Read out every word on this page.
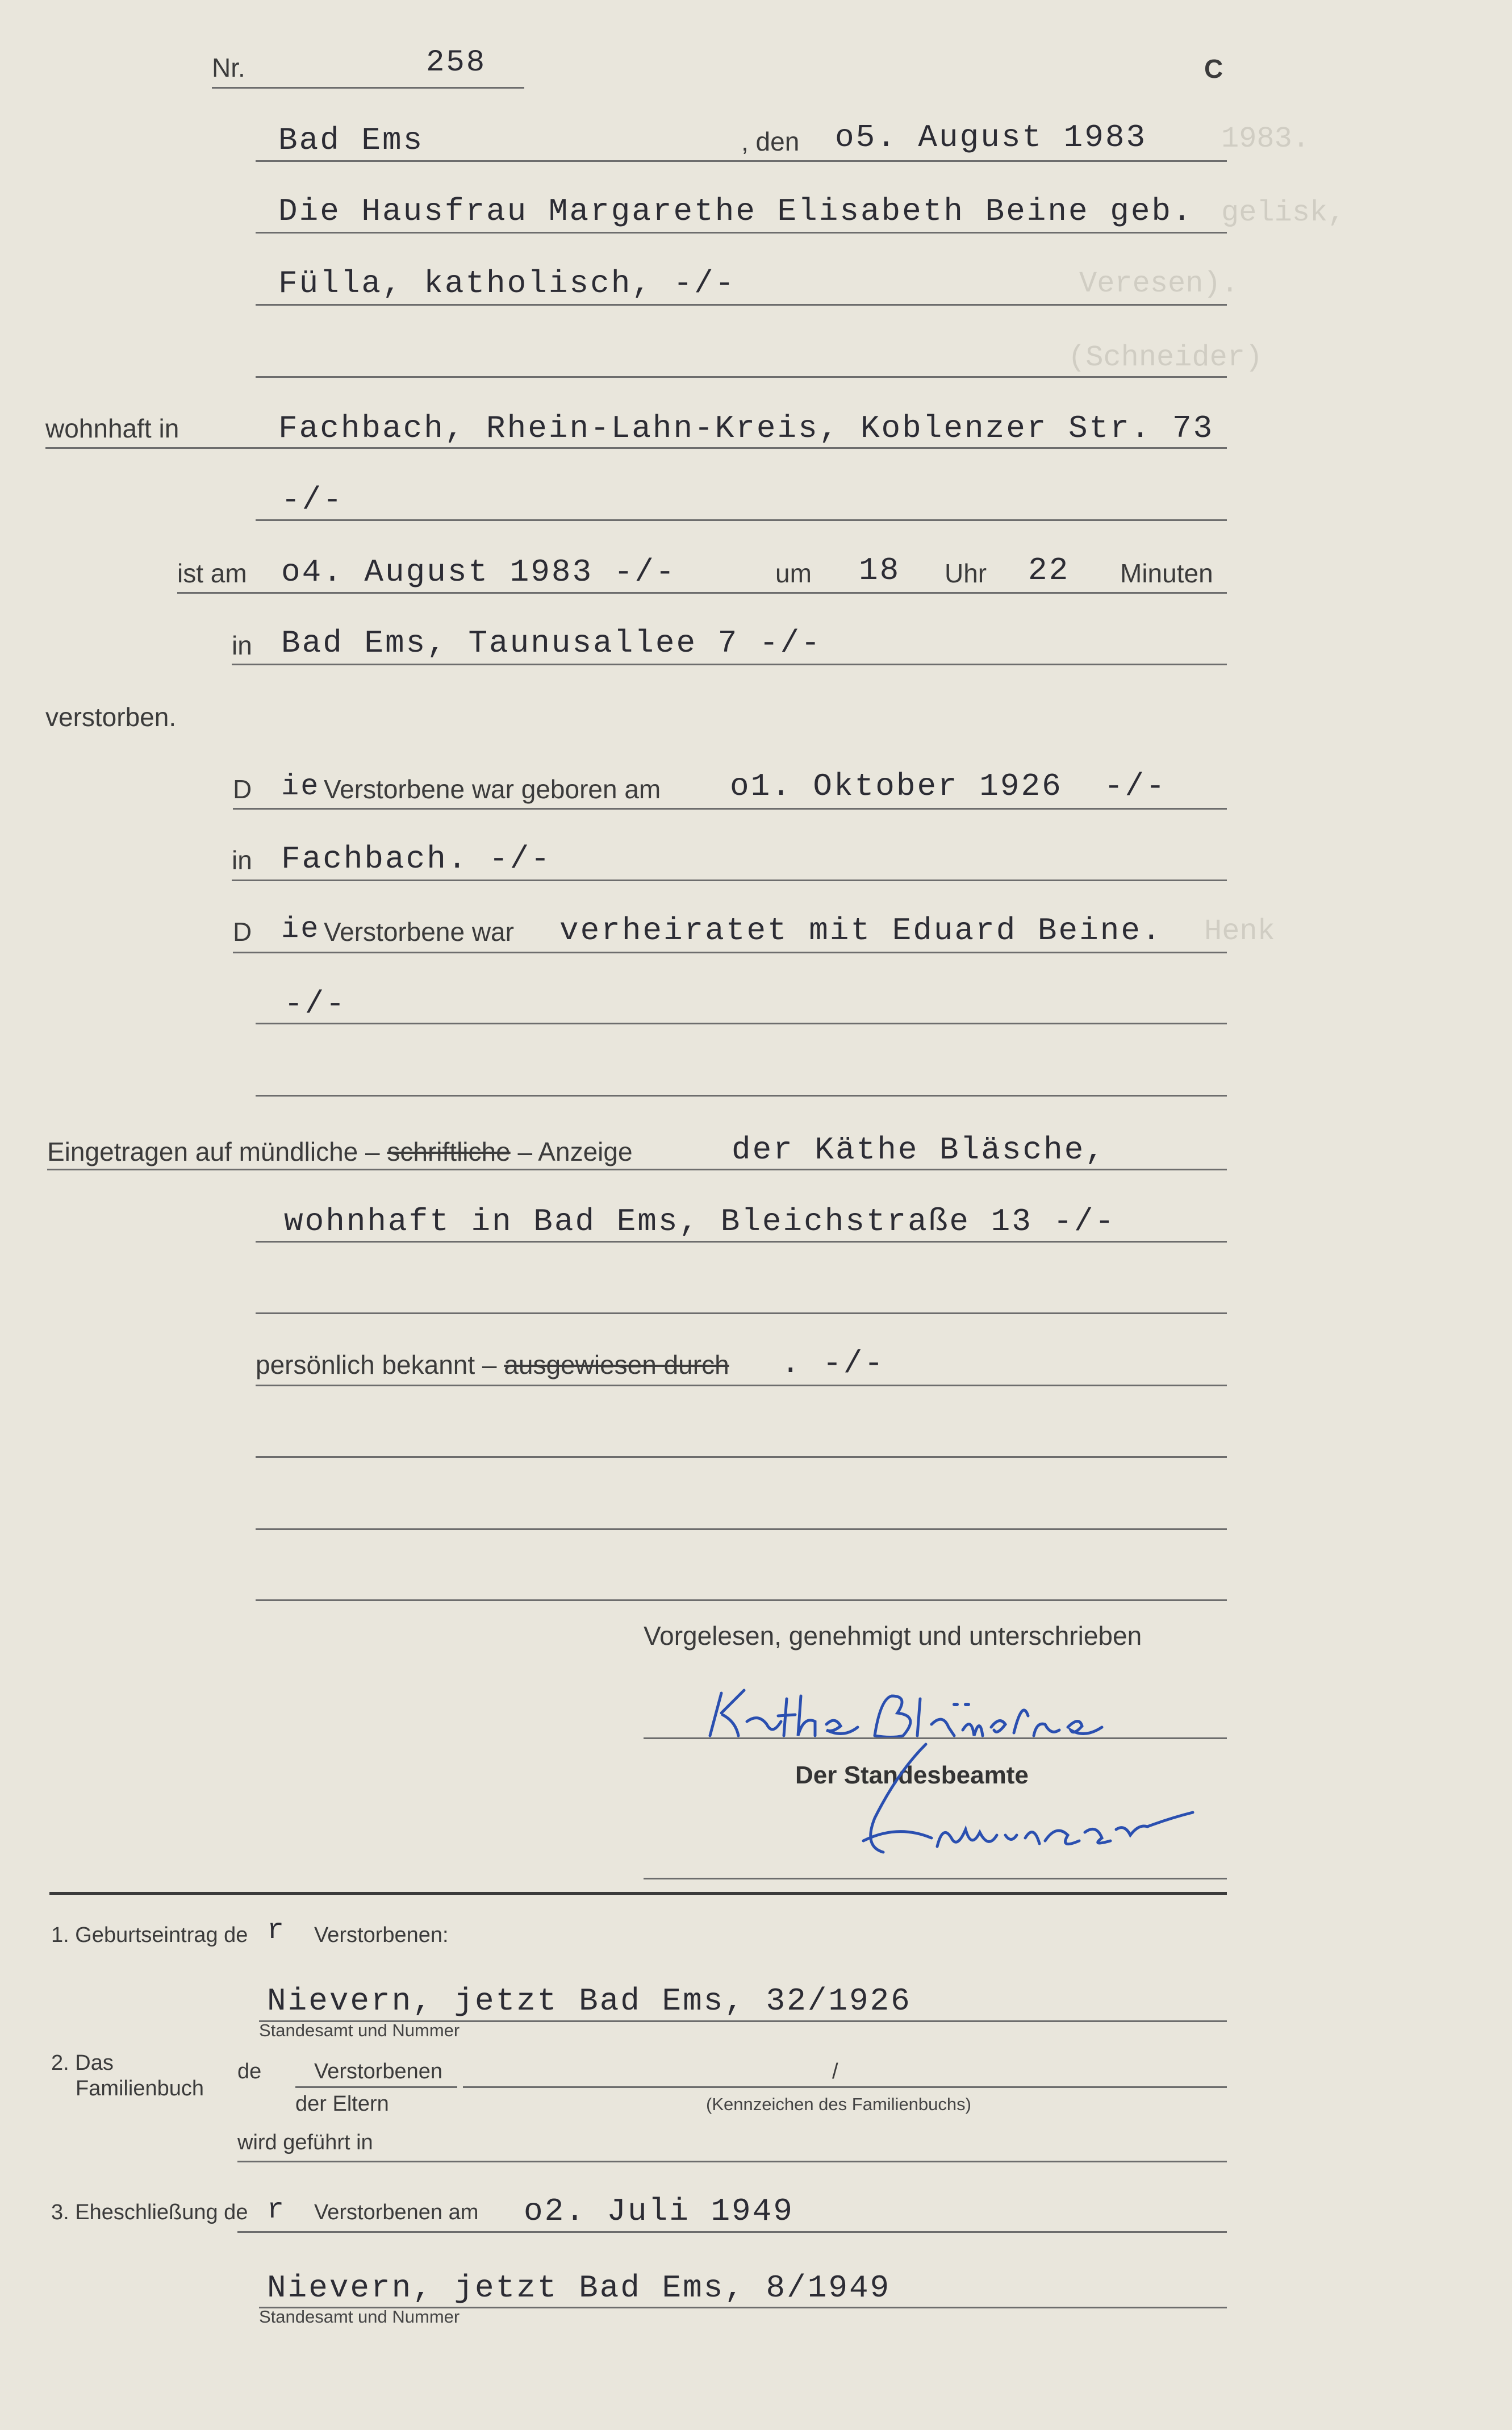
1983.
gelisk,
Veresen).
(Schneider)
Henk
Nr.	258	C
Bad Ems	, den o5. August 1983
Die Hausfrau Margarethe Elisabeth Beine geb.
Fülla, katholisch, -/-
wohnhaft in	Fachbach, Rhein-Lahn-Kreis, Koblenzer Str. 73
-/-
ist am o4. August 1983 -/-	um 18 Uhr 22 Minuten
in Bad Ems, Taunusallee 7 -/-
verstorben.
D ie Verstorbene war geboren am o1. Oktober 1926  -/-
in Fachbach. -/-
D ie Verstorbene war verheiratet mit Eduard Beine.
-/-
Eingetragen auf mündliche – schriftliche – Anzeige	der Käthe Bläsche,
wohnhaft in Bad Ems, Bleichstraße 13 -/-
persönlich bekannt – ausgewiesen durch . -/-
Vorgelesen, genehmigt und unterschrieben
Der Standesbeamte
1. Geburtseintrag de r Verstorbenen:
Nievern, jetzt Bad Ems, 32/1926
Standesamt und Nummer
2. Das
Familienbuch
de Verstorbenen	/
der Eltern	(Kennzeichen des Familienbuchs)
wird geführt in
3. Eheschließung de r Verstorbenen am o2. Juli 1949
Nievern, jetzt Bad Ems, 8/1949
Standesamt und Nummer
